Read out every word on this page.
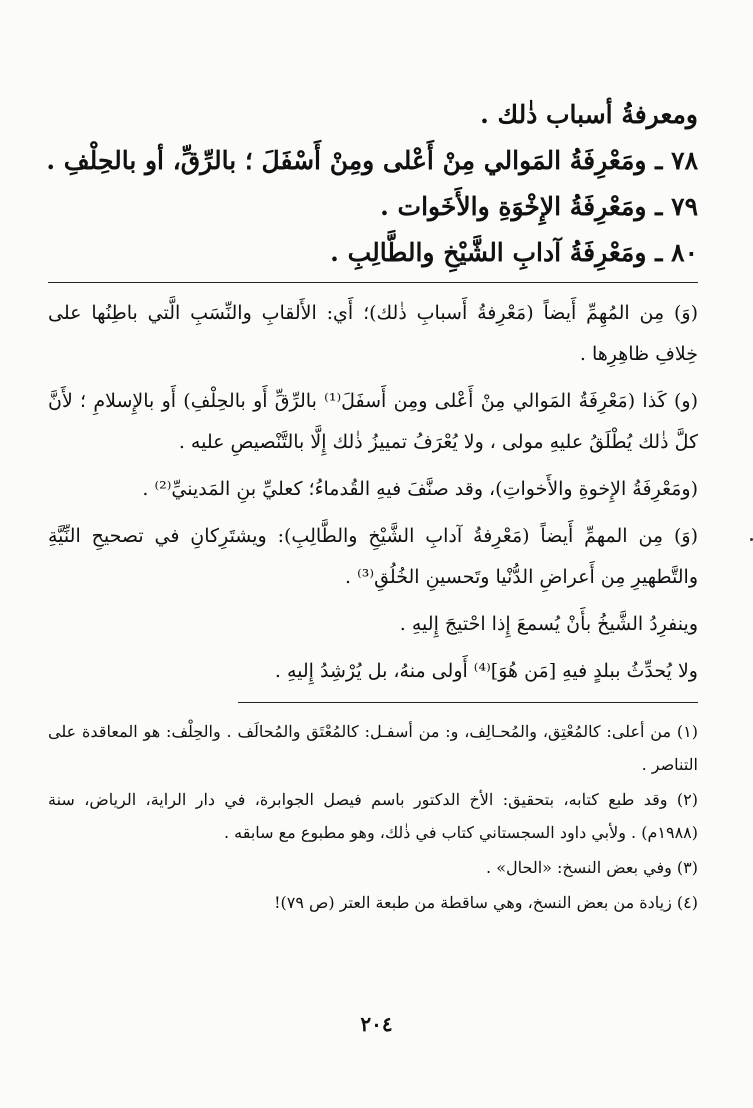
ومعرفةُ أسباب ذٰلك .
٧٨ ـ ومَعْرِفَةُ المَوالي مِنْ أَعْلى ومِنْ أَسْفَلَ ؛ بالرِّقِّ، أو بالحِلْفِ .
٧٩ ـ ومَعْرِفَةُ الإِخْوَةِ والأَخَوات .
٨٠ ـ ومَعْرِفَةُ آدابِ الشَّيْخِ والطَّالِبِ .

(وَ) مِن المُهِمِّ أَيضاً (مَعْرِفةُ أَسبابِ ذٰلك)؛ أَي: الأَلقابِ والنِّسَبِ الَّتي باطِنُها على خِلافِ ظاهِرِها .

(و) كَذا (مَعْرِفَةُ المَوالي مِنْ أَعْلى ومِن أَسفَلَ⁽¹⁾ بالرِّقِّ أَو بالحِلْفِ) أَو بالإِسلامِ ؛ لأَنَّ كلَّ ذٰلك يُطْلَقُ عليهِ مولى ، ولا يُعْرَفُ تمييزُ ذٰلك إِلَّا بالتَّنْصيصِ عليه .

(ومَعْرِفَةُ الإِخوةِ والأَخواتِ)، وقد صنَّفَ فيهِ القُدماءُ؛ كعليِّ بنِ المَدينيِّ⁽²⁾ .

(وَ) مِن المهمِّ أَيضاً (مَعْرِفةُ آدابِ الشَّيْخِ والطَّالِبِ): ويشتَرِكانِ في تصحيحِ النِّيَّةِ والتَّطهيرِ مِن أَعراضِ الدُّنْيا وتَحسينِ الخُلُقِ⁽³⁾ .

وينفرِدُ الشَّيخُ بأَنْ يُسمعَ إِذا احْتيجَ إِليهِ .

ولا يُحدِّثُ ببلدٍ فيهِ [مَن هُوَ]⁽⁴⁾ أَولى منهُ، بل يُرْشِدُ إِليهِ .

(١) من أعلى: كالمُعْتِق، والمُحـالِف، و: من أسفـل: كالمُعْتَق والمُحالَف . والحِلْف: هو المعاقدة على التناصر .

(٢) وقد طبع كتابه، بتحقيق: الأخ الدكتور باسم فيصل الجوابرة، في دار الراية، الرياض، سنة (١٩٨٨م) . ولأبي داود السجستاني كتاب في ذٰلك، وهو مطبوع مع سابقه .

(٣) وفي بعض النسخ: «الحال» .

(٤) زيادة من بعض النسخ، وهي ساقطة من طبعة العتر (ص ٧٩)!

٢٠٤
